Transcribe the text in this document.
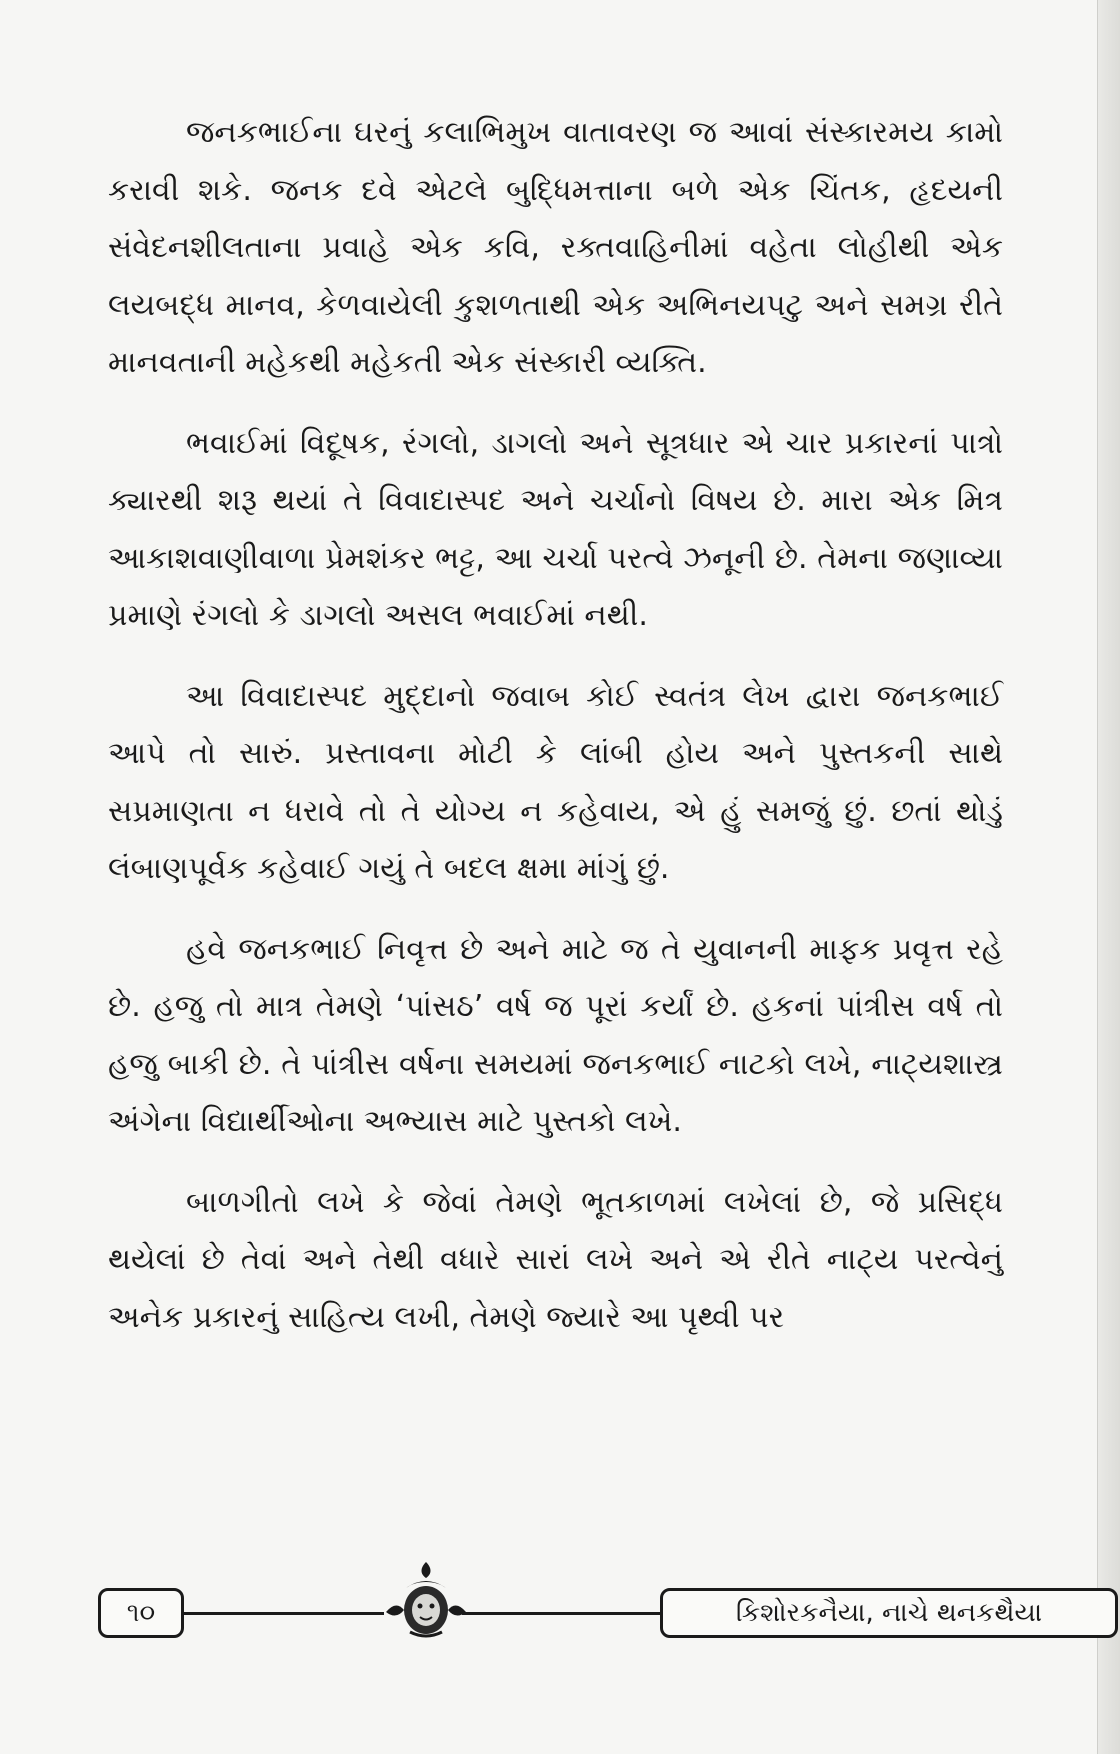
જનકભાઈના ઘરનું કલાભિમુખ વાતાવરણ જ આવાં સંસ્કારમય કામો કરાવી શકે. જનક દવે એટલે બુદ્ધિમત્તાના બળે એક ચિંતક, હૃદયની સંવેદનશીલતાના પ્રવાહે એક કવિ, રક્તવાહિનીમાં વહેતા લોહીથી એક લયબદ્ધ માનવ, કેળવાયેલી કુશળતાથી એક અભિનયપટુ અને સમગ્ર રીતે માનવતાની મહેકથી મહેકતી એક સંસ્કારી વ્યક્તિ.

ભવાઈમાં વિદૂષક, રંગલો, ડાગલો અને સૂત્રધાર એ ચાર પ્રકારનાં પાત્રો ક્યારથી શરૂ થયાં તે વિવાદાસ્પદ અને ચર્ચાનો વિષય છે. મારા એક મિત્ર આકાશવાણીવાળા પ્રેમશંકર ભટ્ટ, આ ચર્ચા પરત્વે ઝનૂની છે. તેમના જણાવ્યા પ્રમાણે રંગલો કે ડાગલો અસલ ભવાઈમાં નથી.

આ વિવાદાસ્પદ મુદ્દાનો જવાબ કોઈ સ્વતંત્ર લેખ દ્વારા જનકભાઈ આપે તો સારું. પ્રસ્તાવના મોટી કે લાંબી હોય અને પુસ્તકની સાથે સપ્રમાણતા ન ધરાવે તો તે યોગ્ય ન કહેવાય, એ હું સમજું છું. છતાં થોડું લંબાણપૂર્વક કહેવાઈ ગયું તે બદલ ક્ષમા માંગું છું.

હવે જનકભાઈ નિવૃત્ત છે અને માટે જ તે યુવાનની માફક પ્રવૃત્ત રહે છે. હજુ તો માત્ર તેમણે ‘પાંસઠ’ વર્ષ જ પૂરાં કર્યાં છે. હકનાં પાંત્રીસ વર્ષ તો હજુ બાકી છે. તે પાંત્રીસ વર્ષના સમયમાં જનકભાઈ નાટકો લખે, નાટ્યશાસ્ત્ર અંગેના વિદ્યાર્થીઓના અભ્યાસ માટે પુસ્તકો લખે.

બાળગીતો લખે કે જેવાં તેમણે ભૂતકાળમાં લખેલાં છે, જે પ્રસિદ્ધ થયેલાં છે તેવાં અને તેથી વધારે સારાં લખે અને એ રીતે નાટ્ય પરત્વેનું અનેક પ્રકારનું સાહિત્ય લખી, તેમણે જ્યારે આ પૃથ્વી પર

૧૦	કિશોરકનૈયા, નાચે થનકથૈયા
